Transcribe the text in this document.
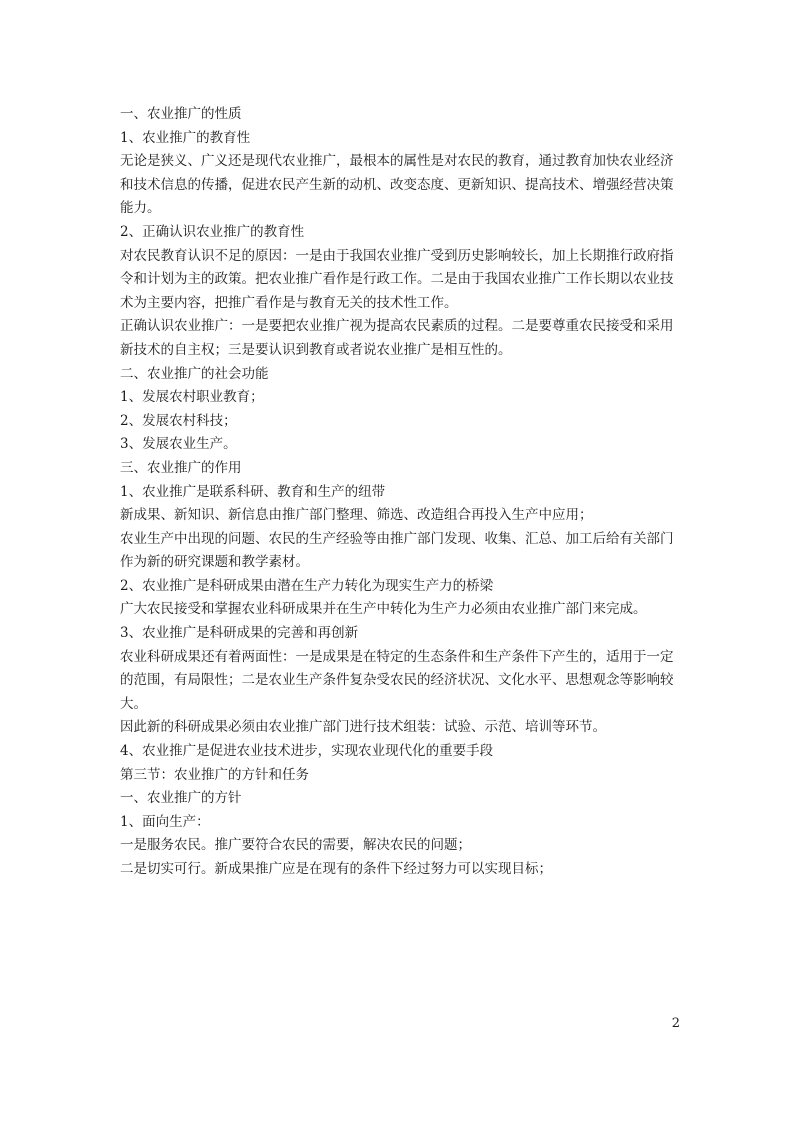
一、农业推广的性质

1、农业推广的教育性

无论是狭义、广义还是现代农业推广，最根本的属性是对农民的教育，通过教育加快农业经济和技术信息的传播，促进农民产生新的动机、改变态度、更新知识、提高技术、增强经营决策能力。

2、正确认识农业推广的教育性

对农民教育认识不足的原因：一是由于我国农业推广受到历史影响较长，加上长期推行政府指令和计划为主的政策。把农业推广看作是行政工作。二是由于我国农业推广工作长期以农业技术为主要内容，把推广看作是与教育无关的技术性工作。

正确认识农业推广：一是要把农业推广视为提高农民素质的过程。二是要尊重农民接受和采用新技术的自主权；三是要认识到教育或者说农业推广是相互性的。

二、农业推广的社会功能

1、发展农村职业教育；

2、发展农村科技；

3、发展农业生产。

三、农业推广的作用

1、农业推广是联系科研、教育和生产的纽带

新成果、新知识、新信息由推广部门整理、筛选、改造组合再投入生产中应用；

农业生产中出现的问题、农民的生产经验等由推广部门发现、收集、汇总、加工后给有关部门作为新的研究课题和教学素材。

2、农业推广是科研成果由潜在生产力转化为现实生产力的桥梁

广大农民接受和掌握农业科研成果并在生产中转化为生产力必须由农业推广部门来完成。

3、农业推广是科研成果的完善和再创新

农业科研成果还有着两面性：一是成果是在特定的生态条件和生产条件下产生的，适用于一定的范围，有局限性；二是农业生产条件复杂受农民的经济状况、文化水平、思想观念等影响较大。

因此新的科研成果必须由农业推广部门进行技术组装：试验、示范、培训等环节。

4、农业推广是促进农业技术进步，实现农业现代化的重要手段

第三节：农业推广的方针和任务

一、农业推广的方针

1、面向生产：

一是服务农民。推广要符合农民的需要，解决农民的问题；

二是切实可行。新成果推广应是在现有的条件下经过努力可以实现目标；

2
